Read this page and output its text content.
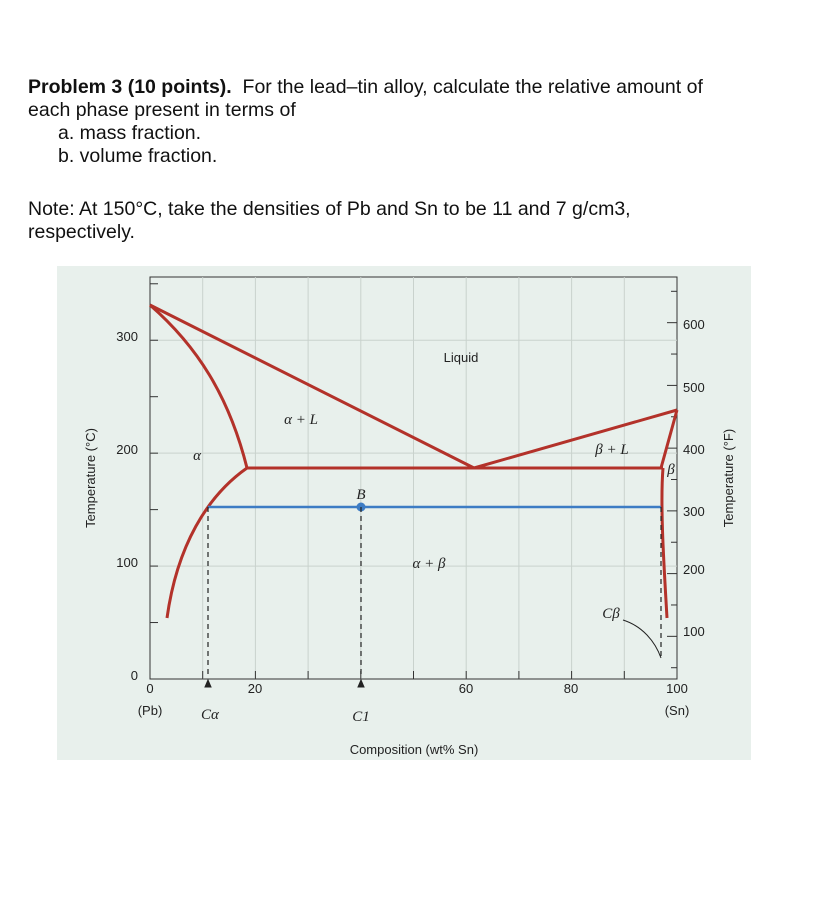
Problem 3 (10 points). For the lead–tin alloy, calculate the relative amount of

each phase present in terms of

a. mass fraction.
b. volume fraction.

Note: At 150°C, take the densities of Pb and Sn to be 11 and 7 g/cm3,

respectively.

300
200
100
0
600
500
400
300
200
100
0	20	60	80	100
(Pb)	(Sn)
Composition (wt% Sn)
Temperature (°C)	Temperature (°F)
Liquid
α + L
β + L
α
β
α + β
B
Cα	C1
Cβ
